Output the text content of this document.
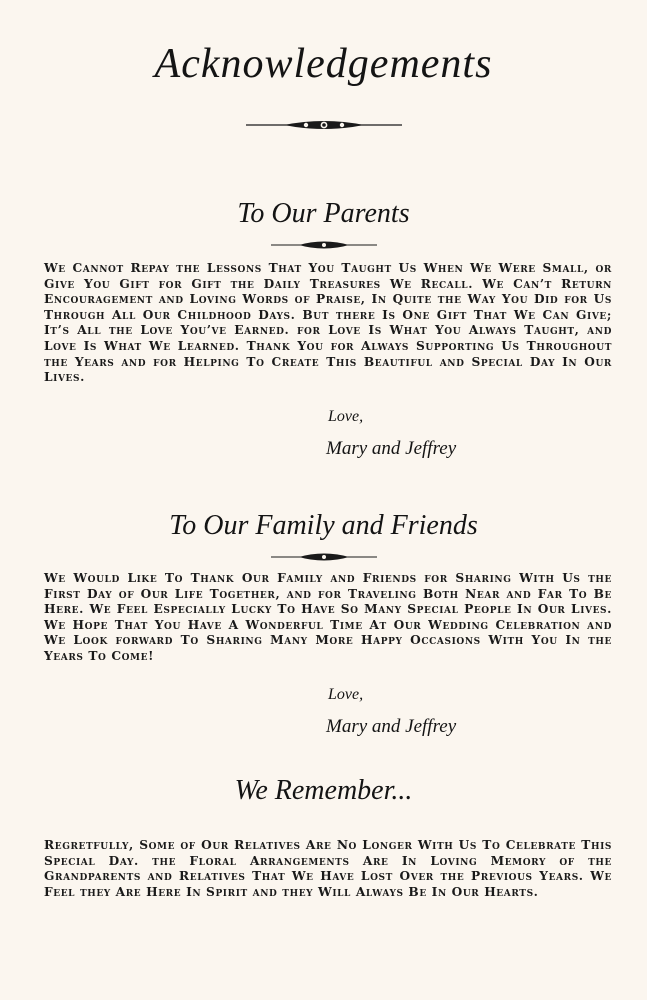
Acknowledgements
To Our Parents

We Cannot Repay the Lessons That You Taught Us When We Were Small, or Give You Gift for Gift the Daily Treasures We Recall. We Can’t Return Encouragement and Loving Words of Praise, In Quite the Way You Did for Us Through All Our Childhood Days. But there Is One Gift That We Can Give; It’s All the Love You’ve Earned. for Love Is What You Always Taught, and Love Is What We Learned. Thank You for Always Supporting Us Throughout the Years and for Helping To Create This Beautiful and Special Day In Our Lives.

Love,
Mary and Jeffrey
To Our Family and Friends

We Would Like To Thank Our Family and Friends for Sharing With Us the First Day of Our Life Together, and for Traveling Both Near and Far To Be Here. We Feel Especially Lucky To Have So Many Special People In Our Lives. We Hope That You Have A Wonderful Time At Our Wedding Celebration and We Look forward To Sharing Many More Happy Occasions With You In the Years To Come!

Love,
Mary and Jeffrey
We Remember...

Regretfully, Some of Our Relatives Are No Longer With Us To Celebrate This Special Day. the Floral Arrangements Are In Loving Memory of the Grandparents and Relatives That We Have Lost Over the Previous Years. We Feel they Are Here In Spirit and they Will Always Be In Our Hearts.
